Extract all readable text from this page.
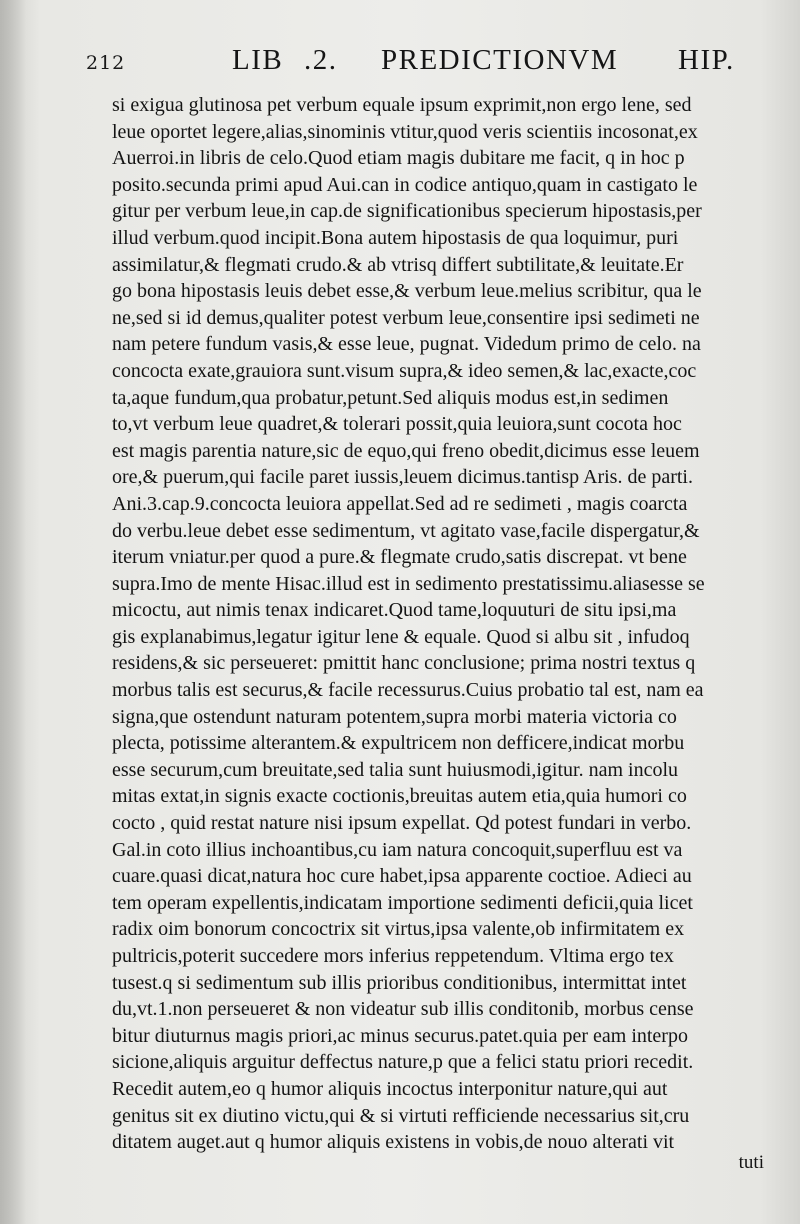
212	LIB .2. PREDICTIONVM HIP.
si exigua glutinosa pet verbum equale ipsum exprimit,non ergo lene, sed
leue oportet legere,alias,sinominis vtitur,quod veris scientiis incosonat,ex
Auerroi.in libris de celo.Quod etiam magis dubitare me facit, q in hoc p
posito.secunda primi apud Aui.can in codice antiquo,quam in castigato le
gitur per verbum leue,in cap.de significationibus specierum hipostasis,per
illud verbum.quod incipit.Bona autem hipostasis de qua loquimur, puri
assimilatur,& flegmati crudo.& ab vtrisq differt subtilitate,& leuitate.Er
go bona hipostasis leuis debet esse,& verbum leue.melius scribitur, qua le
ne,sed si id demus,qualiter potest verbum leue,consentire ipsi sedimeti ne
nam petere fundum vasis,& esse leue, pugnat. Videdum primo de celo. na
concocta exate,grauiora sunt.visum supra,& ideo semen,& lac,exacte,coc
ta,aque fundum,qua probatur,petunt.Sed aliquis modus est,in sedimen
to,vt verbum leue quadret,& tolerari possit,quia leuiora,sunt cocota hoc
est magis parentia nature,sic de equo,qui freno obedit,dicimus esse leuem
ore,& puerum,qui facile paret iussis,leuem dicimus.tantisp Aris. de parti.
Ani.3.cap.9.concocta leuiora appellat.Sed ad re sedimeti , magis coarcta
do verbu.leue debet esse sedimentum, vt agitato vase,facile dispergatur,&
iterum vniatur.per quod a pure.& flegmate crudo,satis discrepat. vt bene
supra.Imo de mente Hisac.illud est in sedimento prestatissimu.aliasesse se
micoctu, aut nimis tenax indicaret.Quod tame,loquuturi de situ ipsi,ma
gis explanabimus,legatur igitur lene & equale. Quod si albu sit , infudoq
residens,& sic perseueret: pmittit hanc conclusione; prima nostri textus q
morbus talis est securus,& facile recessurus.Cuius probatio tal est, nam ea
signa,que ostendunt naturam potentem,supra morbi materia victoria co
plecta, potissime alterantem.& expultricem non defficere,indicat morbu
esse securum,cum breuitate,sed talia sunt huiusmodi,igitur. nam incolu
mitas extat,in signis exacte coctionis,breuitas autem etia,quia humori co
cocto , quid restat nature nisi ipsum expellat. Qd potest fundari in verbo.
Gal.in coto illius inchoantibus,cu iam natura concoquit,superfluu est va
cuare.quasi dicat,natura hoc cure habet,ipsa apparente coctioe. Adieci au
tem operam expellentis,indicatam importione sedimenti deficii,quia licet
radix oim bonorum concoctrix sit virtus,ipsa valente,ob infirmitatem ex
pultricis,poterit succedere mors inferius reppetendum. Vltima ergo tex
tusest.q si sedimentum sub illis prioribus conditionibus, intermittat intet
du,vt.1.non perseueret & non videatur sub illis conditonib, morbus cense
bitur diuturnus magis priori,ac minus securus.patet.quia per eam interpo
sicione,aliquis arguitur deffectus nature,p que a felici statu priori recedit.
Recedit autem,eo q humor aliquis incoctus interponitur nature,qui aut
genitus sit ex diutino victu,qui & si virtuti refficiende necessarius sit,cru
ditatem auget.aut q humor aliquis existens in vobis,de nouo alterati vit
tuti
